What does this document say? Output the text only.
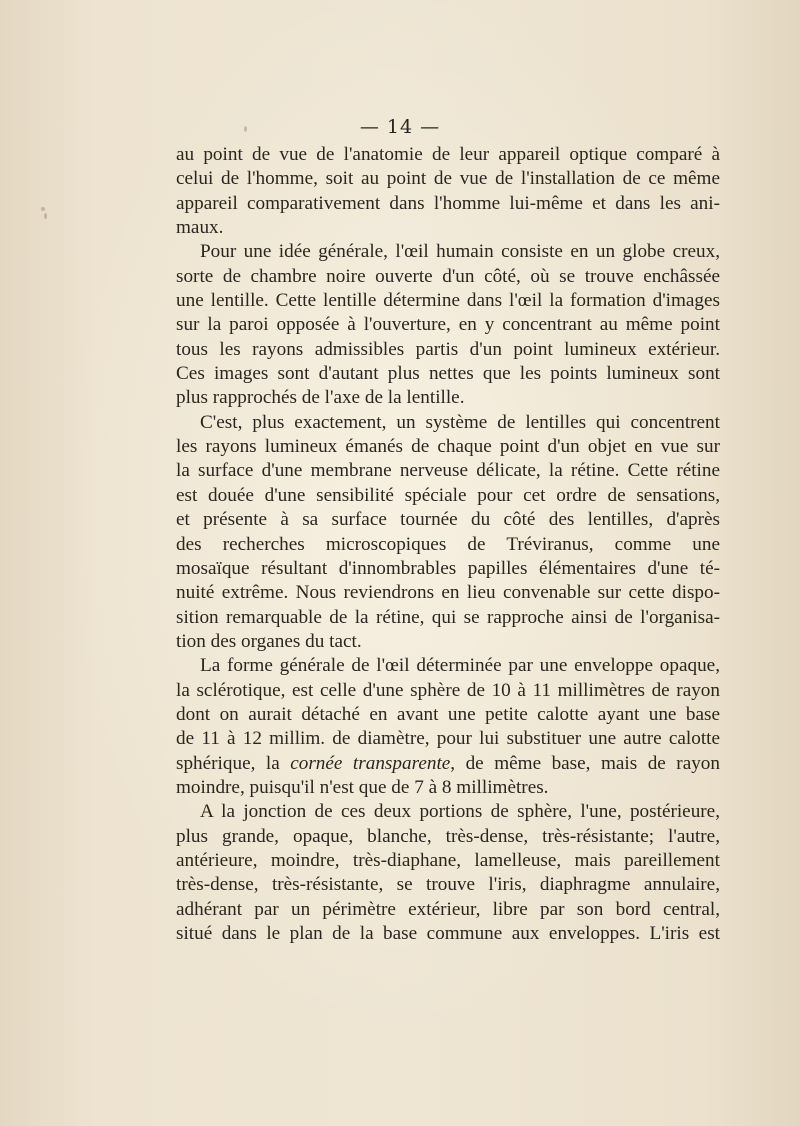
— 14 —
au point de vue de l'anatomie de leur appareil optique comparé à
celui de l'homme, soit au point de vue de l'installation de ce même
appareil comparativement dans l'homme lui-même et dans les ani-
maux.
Pour une idée générale, l'œil humain consiste en un globe creux,
sorte de chambre noire ouverte d'un côté, où se trouve enchâssée
une lentille. Cette lentille détermine dans l'œil la formation d'images
sur la paroi opposée à l'ouverture, en y concentrant au même point
tous les rayons admissibles partis d'un point lumineux extérieur.
Ces images sont d'autant plus nettes que les points lumineux sont
plus rapprochés de l'axe de la lentille.
C'est, plus exactement, un système de lentilles qui concentrent
les rayons lumineux émanés de chaque point d'un objet en vue sur
la surface d'une membrane nerveuse délicate, la rétine. Cette rétine
est douée d'une sensibilité spéciale pour cet ordre de sensations,
et présente à sa surface tournée du côté des lentilles, d'après
des recherches microscopiques de Tréviranus, comme une
mosaïque résultant d'innombrables papilles élémentaires d'une té-
nuité extrême. Nous reviendrons en lieu convenable sur cette dispo-
sition remarquable de la rétine, qui se rapproche ainsi de l'organisa-
tion des organes du tact.
La forme générale de l'œil déterminée par une enveloppe opaque,
la sclérotique, est celle d'une sphère de 10 à 11 millimètres de rayon
dont on aurait détaché en avant une petite calotte ayant une base
de 11 à 12 millim. de diamètre, pour lui substituer une autre calotte
sphérique, la cornée transparente, de même base, mais de rayon
moindre, puisqu'il n'est que de 7 à 8 millimètres.
A la jonction de ces deux portions de sphère, l'une, postérieure,
plus grande, opaque, blanche, très-dense, très-résistante; l'autre,
antérieure, moindre, très-diaphane, lamelleuse, mais pareillement
très-dense, très-résistante, se trouve l'iris, diaphragme annulaire,
adhérant par un périmètre extérieur, libre par son bord central,
situé dans le plan de la base commune aux enveloppes. L'iris est
